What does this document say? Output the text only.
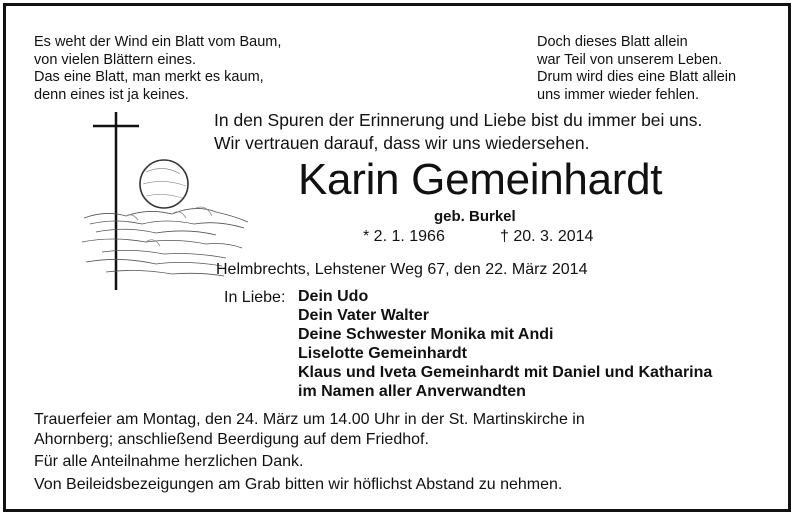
Es weht der Wind ein Blatt vom Baum,
von vielen Blättern eines.
Das eine Blatt, man merkt es kaum,
denn eines ist ja keines.
Doch dieses Blatt allein
war Teil von unserem Leben.
Drum wird dies eine Blatt allein
uns immer wieder fehlen.
In den Spuren der Erinnerung und Liebe bist du immer bei uns.
Wir vertrauen darauf, dass wir uns wiedersehen.
Karin Gemeinhardt
geb. Burkel
* 2. 1. 1966	† 20. 3. 2014
Helmbrechts, Lehstener Weg 67, den 22. März 2014
In Liebe: Dein Udo
Dein Vater Walter
Deine Schwester Monika mit Andi
Liselotte Gemeinhardt
Klaus und Iveta Gemeinhardt mit Daniel und Katharina
im Namen aller Anverwandten
Trauerfeier am Montag, den 24. März um 14.00 Uhr in der St. Martinskirche in
Ahornberg; anschließend Beerdigung auf dem Friedhof.
Für alle Anteilnahme herzlichen Dank.
Von Beileidsbezeigungen am Grab bitten wir höflichst Abstand zu nehmen.
